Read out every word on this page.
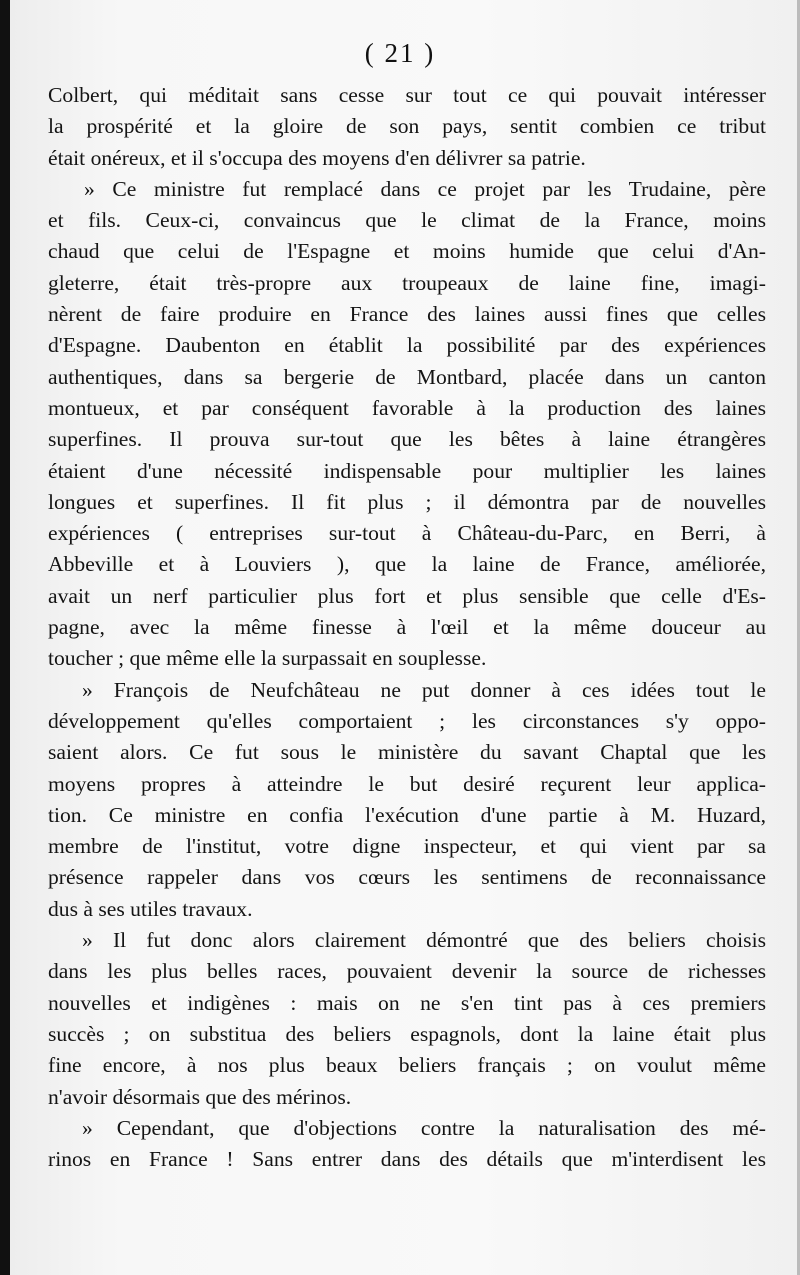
( 21 )
Colbert, qui méditait sans cesse sur tout ce qui pouvait intéresser
la prospérité et la gloire de son pays, sentit combien ce tribut
était onéreux, et il s'occupa des moyens d'en délivrer sa patrie.
» Ce ministre fut remplacé dans ce projet par les Trudaine, père
et fils. Ceux-ci, convaincus que le climat de la France, moins
chaud que celui de l'Espagne et moins humide que celui d'An-
gleterre, était très-propre aux troupeaux de laine fine, imagi-
nèrent de faire produire en France des laines aussi fines que celles
d'Espagne. Daubenton en établit la possibilité par des expériences
authentiques, dans sa bergerie de Montbard, placée dans un canton
montueux, et par conséquent favorable à la production des laines
superfines. Il prouva sur-tout que les bêtes à laine étrangères
étaient d'une nécessité indispensable pour multiplier les laines
longues et superfines. Il fit plus ; il démontra par de nouvelles
expériences ( entreprises sur-tout à Château-du-Parc, en Berri, à
Abbeville et à Louviers ), que la laine de France, améliorée,
avait un nerf particulier plus fort et plus sensible que celle d'Es-
pagne, avec la même finesse à l'œil et la même douceur au
toucher ; que même elle la surpassait en souplesse.
» François de Neufchâteau ne put donner à ces idées tout le
développement qu'elles comportaient ; les circonstances s'y oppo-
saient alors. Ce fut sous le ministère du savant Chaptal que les
moyens propres à atteindre le but desiré reçurent leur applica-
tion. Ce ministre en confia l'exécution d'une partie à M. Huzard,
membre de l'institut, votre digne inspecteur, et qui vient par sa
présence rappeler dans vos cœurs les sentimens de reconnaissance
dus à ses utiles travaux.
» Il fut donc alors clairement démontré que des beliers choisis
dans les plus belles races, pouvaient devenir la source de richesses
nouvelles et indigènes : mais on ne s'en tint pas à ces premiers
succès ; on substitua des beliers espagnols, dont la laine était plus
fine encore, à nos plus beaux beliers français ; on voulut même
n'avoir désormais que des mérinos.
» Cependant, que d'objections contre la naturalisation des mé-
rinos en France ! Sans entrer dans des détails que m'interdisent les
